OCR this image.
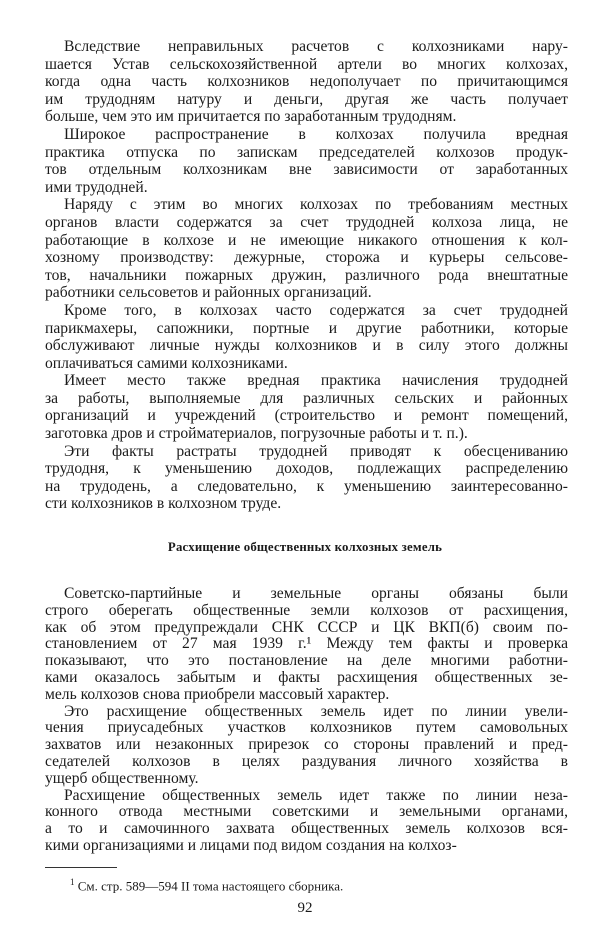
Вследствие неправильных расчетов с колхозниками нару-
шается Устав сельскохозяйственной артели во многих колхозах,
когда одна часть колхозников недополучает по причитающимся
им трудодням натуру и деньги, другая же часть получает
больше, чем это им причитается по заработанным трудодням.
Широкое распространение в колхозах получила вредная
практика отпуска по запискам председателей колхозов продук-
тов отдельным колхозникам вне зависимости от заработанных
ими трудодней.
Наряду с этим во многих колхозах по требованиям местных
органов власти содержатся за счет трудодней колхоза лица, не
работающие в колхозе и не имеющие никакого отношения к кол-
хозному производству: дежурные, сторожа и курьеры сельсове-
тов, начальники пожарных дружин, различного рода внештатные
работники сельсоветов и районных организаций.
Кроме того, в колхозах часто содержатся за счет трудодней
парикмахеры, сапожники, портные и другие работники, которые
обслуживают личные нужды колхозников и в силу этого должны
оплачиваться самими колхозниками.
Имеет место также вредная практика начисления трудодней
за работы, выполняемые для различных сельских и районных
организаций и учреждений (строительство и ремонт помещений,
заготовка дров и стройматериалов, погрузочные работы и т. п.).
Эти факты растраты трудодней приводят к обесцениванию
трудодня, к уменьшению доходов, подлежащих распределению
на трудодень, а следовательно, к уменьшению заинтересованно-
сти колхозников в колхозном труде.
Расхищение общественных колхозных земель
Советско-партийные и земельные органы обязаны были
строго оберегать общественные земли колхозов от расхищения,
как об этом предупреждали СНК СССР и ЦК ВКП(б) своим по-
становлением от 27 мая 1939 г.¹ Между тем факты и проверка
показывают, что это постановление на деле многими работни-
ками оказалось забытым и факты расхищения общественных зе-
мель колхозов снова приобрели массовый характер.
Это расхищение общественных земель идет по линии увели-
чения приусадебных участков колхозников путем самовольных
захватов или незаконных прирезок со стороны правлений и пред-
седателей колхозов в целях раздувания личного хозяйства в
ущерб общественному.
Расхищение общественных земель идет также по линии неза-
конного отвода местными советскими и земельными органами,
а то и самочинного захвата общественных земель колхозов вся-
кими организациями и лицами под видом создания на колхоз-
$^1$ См. стр. 589—594 II тома настоящего сборника.
92
